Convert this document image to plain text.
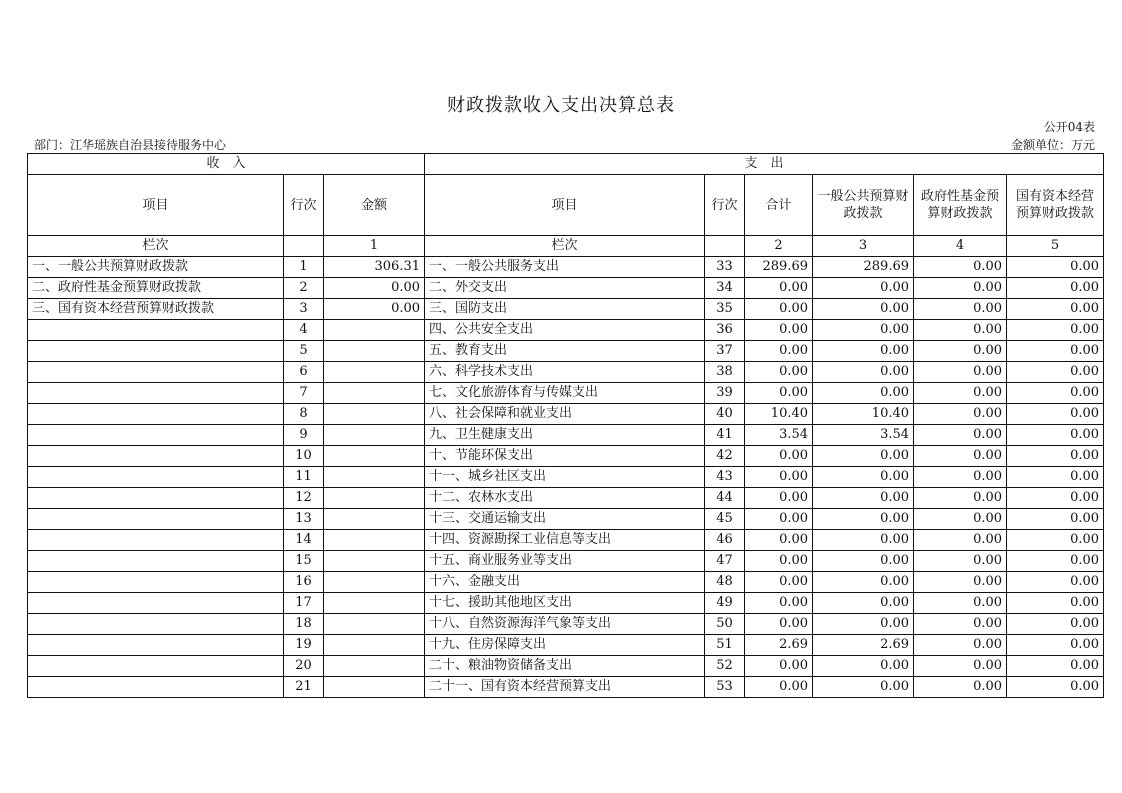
财政拨款收入支出决算总表
公开04表
部门：江华瑶族自治县接待服务中心	金额单位：万元
收　入			支　出					
项目	行次	金额	项目	行次	合计	一般公共预算财政拨款	政府性基金预算财政拨款	国有资本经营预算财政拨款
栏次		1	栏次		2	3	4	5
一、一般公共预算财政拨款	1	306.31	一、一般公共服务支出	33	289.69	289.69	0.00	0.00
二、政府性基金预算财政拨款	2	0.00	二、外交支出	34	0.00	0.00	0.00	0.00
三、国有资本经营预算财政拨款	3	0.00	三、国防支出	35	0.00	0.00	0.00	0.00
	4		四、公共安全支出	36	0.00	0.00	0.00	0.00
	5		五、教育支出	37	0.00	0.00	0.00	0.00
	6		六、科学技术支出	38	0.00	0.00	0.00	0.00
	7		七、文化旅游体育与传媒支出	39	0.00	0.00	0.00	0.00
	8		八、社会保障和就业支出	40	10.40	10.40	0.00	0.00
	9		九、卫生健康支出	41	3.54	3.54	0.00	0.00
	10		十、节能环保支出	42	0.00	0.00	0.00	0.00
	11		十一、城乡社区支出	43	0.00	0.00	0.00	0.00
	12		十二、农林水支出	44	0.00	0.00	0.00	0.00
	13		十三、交通运输支出	45	0.00	0.00	0.00	0.00
	14		十四、资源勘探工业信息等支出	46	0.00	0.00	0.00	0.00
	15		十五、商业服务业等支出	47	0.00	0.00	0.00	0.00
	16		十六、金融支出	48	0.00	0.00	0.00	0.00
	17		十七、援助其他地区支出	49	0.00	0.00	0.00	0.00
	18		十八、自然资源海洋气象等支出	50	0.00	0.00	0.00	0.00
	19		十九、住房保障支出	51	2.69	2.69	0.00	0.00
	20		二十、粮油物资储备支出	52	0.00	0.00	0.00	0.00
	21		二十一、国有资本经营预算支出	53	0.00	0.00	0.00	0.00
